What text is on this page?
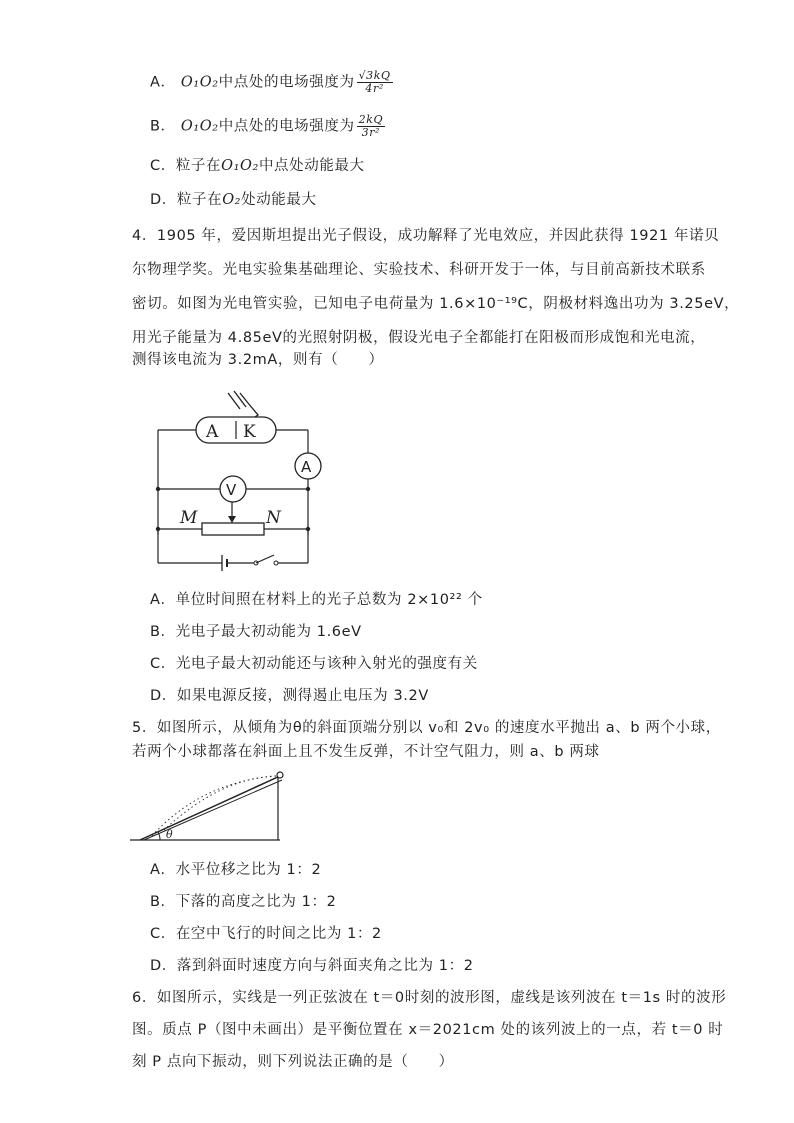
A． O₁O₂中点处的电场强度为 $\frac{√3kQ}{\text{4r²}}$
B． O₁O₂中点处的电场强度为 $\frac{2kQ}{\text{3r²}}$
C．粒子在O₁O₂中点处动能最大
D．粒子在O₂处动能最大
4．1905 年，爱因斯坦提出光子假设，成功解释了光电效应，并因此获得 1921 年诺贝
尔物理学奖。光电实验集基础理论、实验技术、科研开发于一体，与目前高新技术联系
密切。如图为光电管实验，已知电子电荷量为 1.6×10⁻¹⁹C，阴极材料逸出功为 3.25eV，
用光子能量为 4.85eV的光照射阴极，假设光电子全都能打在阳极而形成饱和光电流，
测得该电流为 3.2mA，则有（　　）
A K
A
V
M	N
A．单位时间照在材料上的光子总数为 2×10²² 个
B．光电子最大初动能为 1.6eV
C．光电子最大初动能还与该种入射光的强度有关
D．如果电源反接，测得遏止电压为 3.2V
5．如图所示，从倾角为θ的斜面顶端分别以 v₀和 2v₀ 的速度水平抛出 a、b 两个小球，
若两个小球都落在斜面上且不发生反弹，不计空气阻力，则 a、b 两球
θ
A．水平位移之比为 1：2
B．下落的高度之比为 1：2
C．在空中飞行的时间之比为 1：2
D．落到斜面时速度方向与斜面夹角之比为 1：2
6．如图所示，实线是一列正弦波在 t＝0时刻的波形图，虚线是该列波在 t＝1s 时的波形
图。质点 P（图中未画出）是平衡位置在 x＝2021cm 处的该列波上的一点，若 t＝0 时
刻 P 点向下振动，则下列说法正确的是（　　）
